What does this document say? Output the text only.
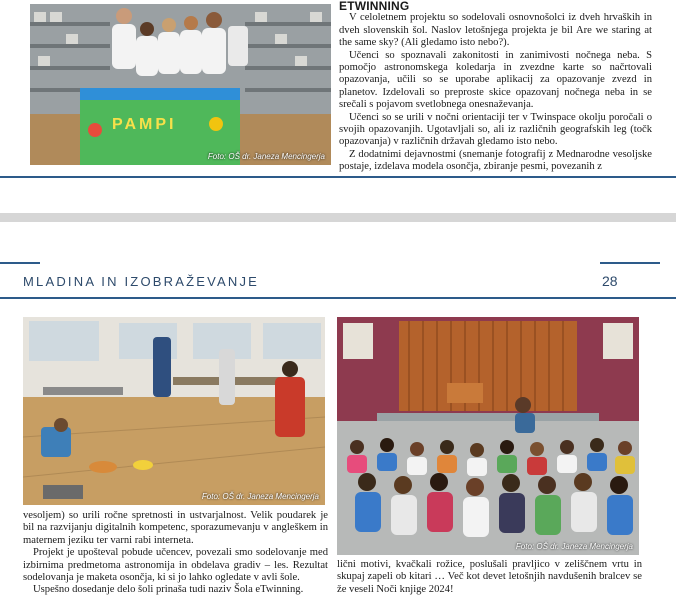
PAMPI
Foto: OŠ dr. Janeza Mencingerja
ETWINNING

V celoletnem projektu so sodelovali osnovnošolci iz dveh hrvaških in dveh slovenskih šol. Naslov letošnjega projekta je bil Are we staring at the same sky? (Ali gledamo isto nebo?).

Učenci so spoznavali zakonitosti in zanimivosti nočnega neba. S pomočjo astronomskega koledarja in zvezdne karte so načrtovali opazovanja, učili so se uporabe aplikacij za opazovanje zvezd in planetov. Izdelovali so preproste skice opazovanj nočnega neba in se srečali s pojavom svetlobnega onesnaževanja.

Učenci so se urili v nočni orientaciji ter v Twinspace okolju poročali o svojih opazovanjih. Ugotavljali so, ali iz različnih geografskih leg (točk opazovanja) v različnih državah gledamo isto nebo.

Z dodatnimi dejavnostmi (snemanje fotografij z Mednarodne vesoljske postaje, izdelava modela osončja, zbiranje pesmi, povezanih z

MLADINA IN IZOBRAŽEVANJE	28
Foto: OŠ dr. Janeza Mencingerja

vesoljem) so urili ročne spretnosti in ustvarjalnost. Velik poudarek je bil na razvijanju digitalnih kompetenc, sporazumevanju v angleškem in maternem jeziku ter varni rabi interneta.

Projekt je upošteval pobude učencev, povezali smo sodelovanje med izbirnima predmetoma astronomija in obdelava gradiv – les. Rezultat sodelovanja je maketa osončja, ki si jo lahko ogledate v avli šole.

Uspešno dosedanje delo šoli prinaša tudi naziv Šola eTwinning.

Foto: OŠ dr. Janeza Mencingerja

lični motivi, kvačkali rožice, poslušali pravljico v zeliščnem vrtu in skupaj zapeli ob kitari … Več kot devet letošnjih navdušenih bralcev se že veseli Noči knjige 2024!
